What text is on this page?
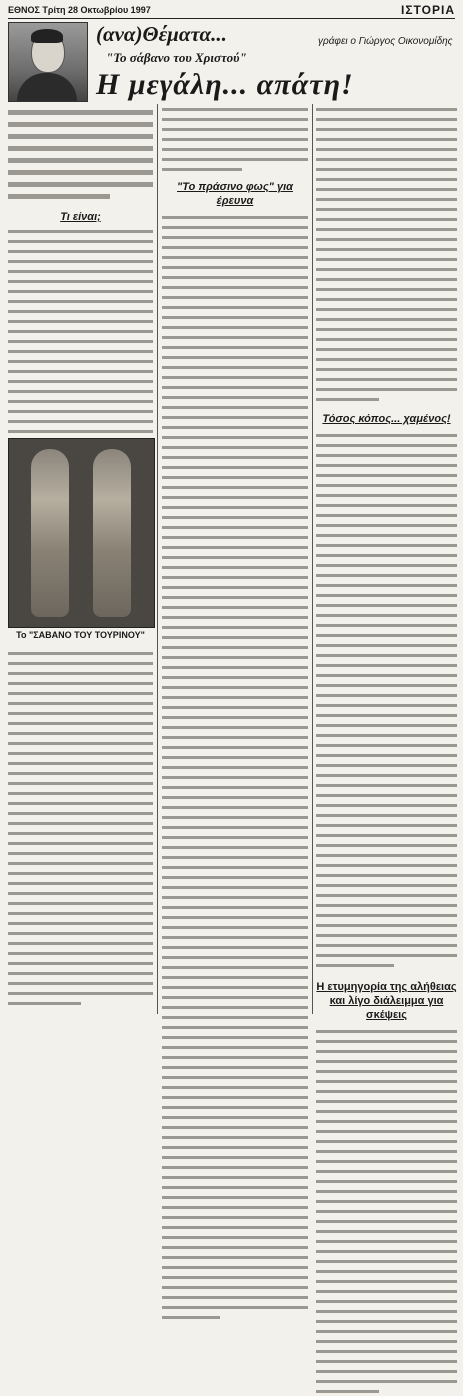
ΕΘΝΟΣ Τρίτη 28 Οκτωβρίου 1997	ΙΣΤΟΡΙΑ
(ανα)Θέματα...
"Το σάβανο του Χριστού"
γράφει ο Γιώργος Οικονομίδης
Η μεγάλη... απάτη!
Τι είναι;
Το "ΣΑΒΑΝΟ ΤΟΥ ΤΟΥΡΙΝΟΥ"
"Το πράσινο φως" για έρευνα
Τόσος κόπος... χαμένος!
Η ετυμηγορία της αλήθειας και λίγο διάλειμμα για σκέψεις
